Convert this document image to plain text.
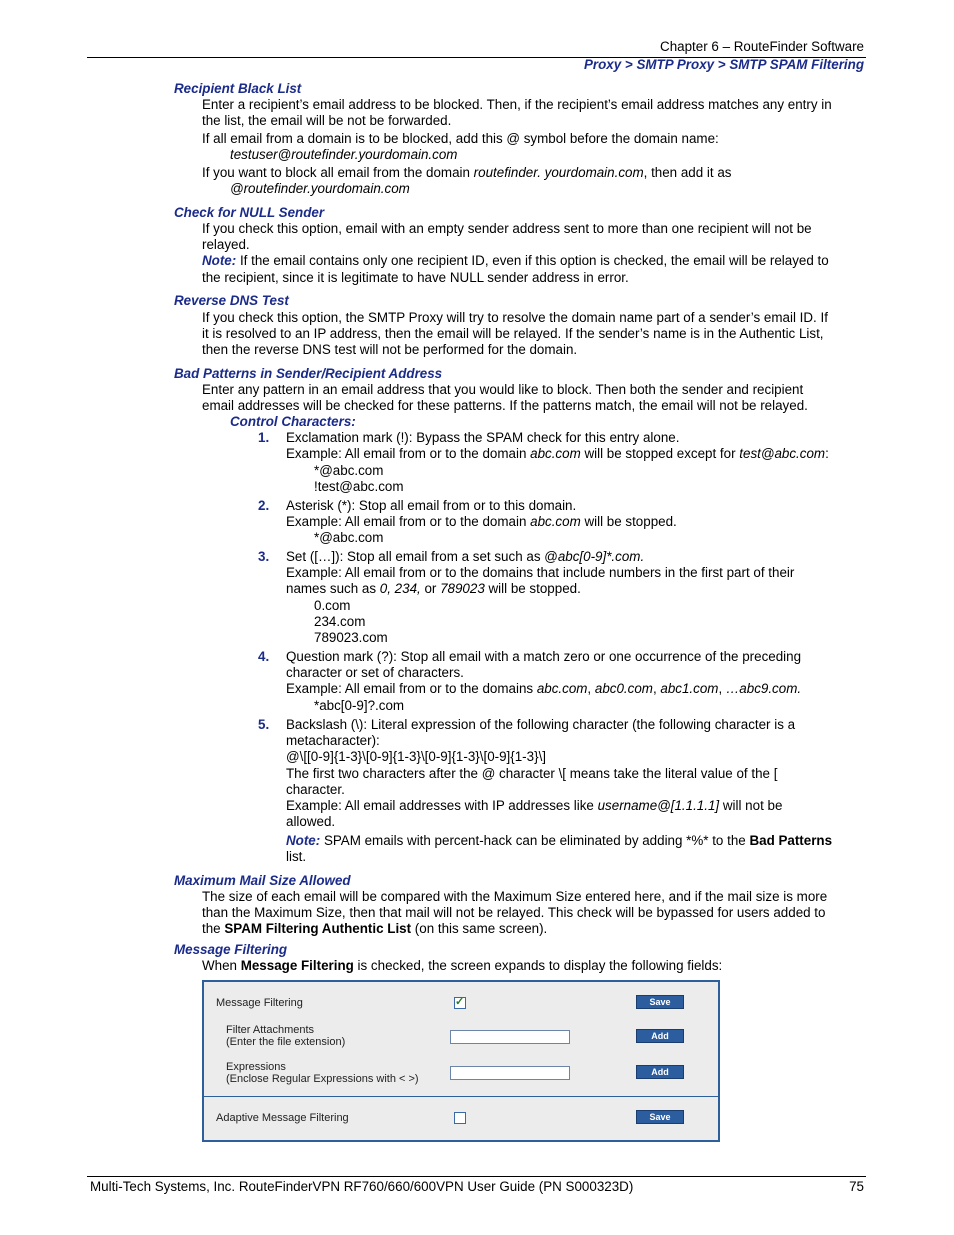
Chapter 6 – RouteFinder Software
Proxy > SMTP Proxy > SMTP SPAM Filtering
Recipient Black List
Enter a recipient’s email address to be blocked. Then, if the recipient’s email address matches any entry in
the list, the email will be not be forwarded.
If all email from a domain is to be blocked, add this @ symbol before the domain name:
testuser@routefinder.yourdomain.com
If you want to block all email from the domain routefinder. yourdomain.com, then add it as
@routefinder.yourdomain.com
Check for NULL Sender
If you check this option, email with an empty sender address sent to more than one recipient will not be
relayed.
Note: If the email contains only one recipient ID, even if this option is checked, the email will be relayed to
the recipient, since it is legitimate to have NULL sender address in error.
Reverse DNS Test
If you check this option, the SMTP Proxy will try to resolve the domain name part of a sender’s email ID. If
it is resolved to an IP address, then the email will be relayed. If the sender’s name is in the Authentic List,
then the reverse DNS test will not be performed for the domain.
Bad Patterns in Sender/Recipient Address
Enter any pattern in an email address that you would like to block. Then both the sender and recipient
email addresses will be checked for these patterns. If the patterns match, the email will not be relayed.
Control Characters:
1. Exclamation mark (!): Bypass the SPAM check for this entry alone.
Example: All email from or to the domain abc.com will be stopped except for test@abc.com:
*@abc.com
!test@abc.com
2. Asterisk (*): Stop all email from or to this domain.
Example: All email from or to the domain abc.com will be stopped.
*@abc.com
3. Set ([…]): Stop all email from a set such as @abc[0-9]*.com.
Example: All email from or to the domains that include numbers in the first part of their
names such as 0, 234, or 789023 will be stopped.
0.com
234.com
789023.com
4. Question mark (?): Stop all email with a match zero or one occurrence of the preceding
character or set of characters.
Example: All email from or to the domains abc.com, abc0.com, abc1.com, …abc9.com.
*abc[0-9]?.com
5. Backslash (\): Literal expression of the following character (the following character is a
metacharacter):
@\[[0-9]{1-3}\[0-9]{1-3}\[0-9]{1-3}\[0-9]{1-3}\]
The first two characters after the @ character \[ means take the literal value of the [
character.
Example: All email addresses with IP addresses like username@[1.1.1.1] will not be
allowed.
Note: SPAM emails with percent-hack can be eliminated by adding *%* to the Bad Patterns
list.
Maximum Mail Size Allowed
The size of each email will be compared with the Maximum Size entered here, and if the mail size is more
than the Maximum Size, then that mail will not be relayed. This check will be bypassed for users added to
the SPAM Filtering Authentic List (on this same screen).
Message Filtering
When Message Filtering is checked, the screen expands to display the following fields:
Message Filtering
✓	Save
Filter Attachments
(Enter the file extension)	Add
Expressions
(Enclose Regular Expressions with < >)
Add
Adaptive Message Filtering	Save
Multi-Tech Systems, Inc. RouteFinderVPN RF760/660/600VPN User Guide (PN S000323D)	75
